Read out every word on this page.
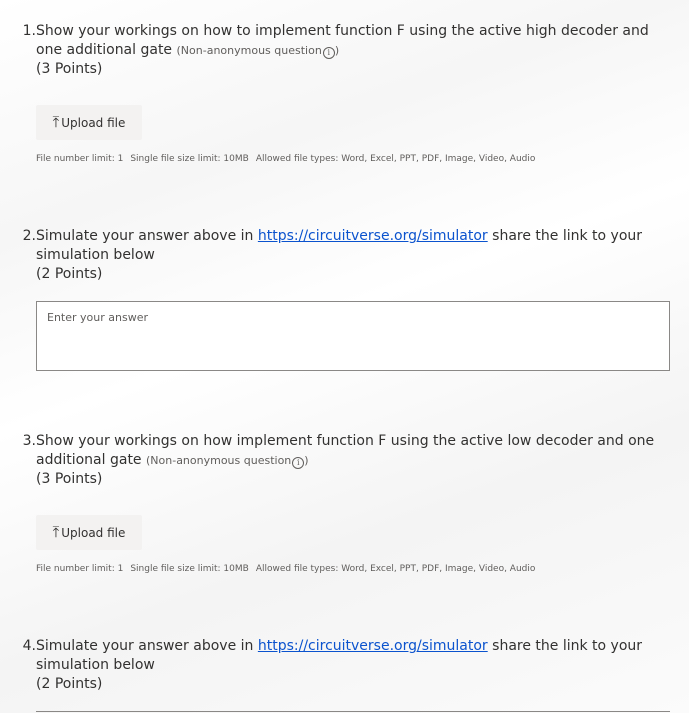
1. Show your workings on how to implement function F using the active high decoder and one additional gate (Non-anonymous question i )
(3 Points)
⤒ Upload file
File number limit: 1 Single file size limit: 10MB Allowed file types: Word, Excel, PPT, PDF, Image, Video, Audio
2. Simulate your answer above in https://circuitverse.org/simulator share the link to your simulation below
(2 Points)
Enter your answer
3. Show your workings on how implement function F using the active low decoder and one additional gate (Non-anonymous question i )
(3 Points)
⤒ Upload file
File number limit: 1 Single file size limit: 10MB Allowed file types: Word, Excel, PPT, PDF, Image, Video, Audio
4. Simulate your answer above in https://circuitverse.org/simulator share the link to your simulation below
(2 Points)
